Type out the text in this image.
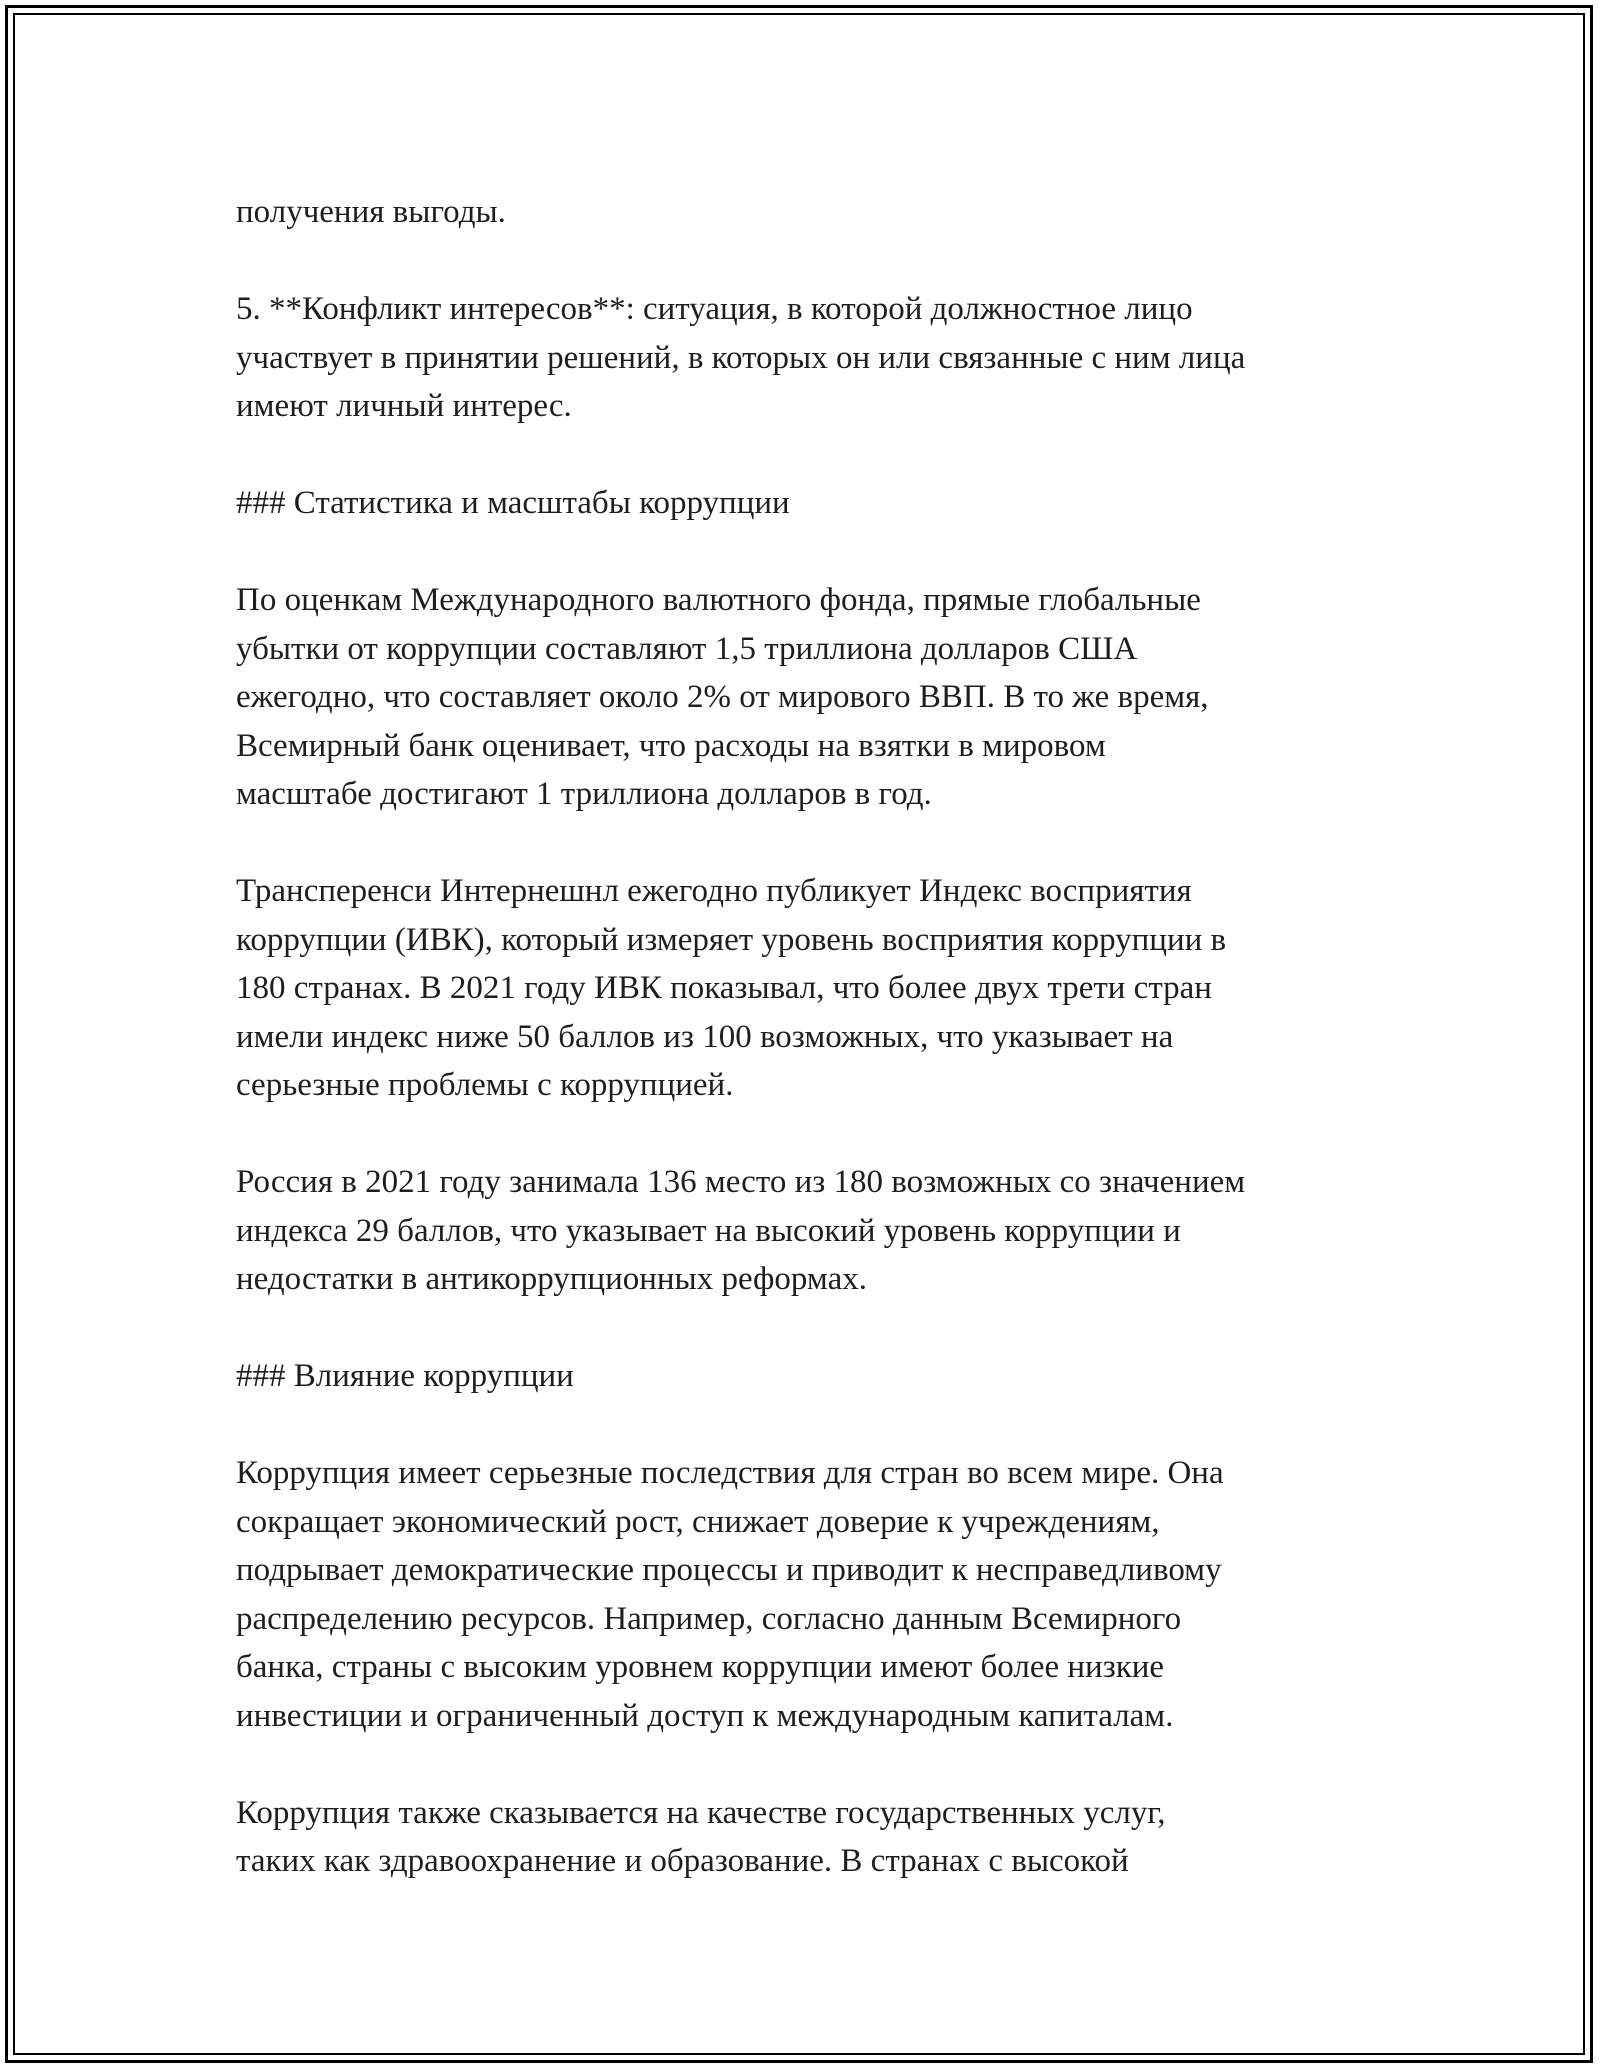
получения выгоды.
5. **Конфликт интересов**: ситуация, в которой должностное лицо
участвует в принятии решений, в которых он или связанные с ним лица
имеют личный интерес.
### Статистика и масштабы коррупции
По оценкам Международного валютного фонда, прямые глобальные
убытки от коррупции составляют 1,5 триллиона долларов США
ежегодно, что составляет около 2% от мирового ВВП. В то же время,
Всемирный банк оценивает, что расходы на взятки в мировом
масштабе достигают 1 триллиона долларов в год.
Трансперенси Интернешнл ежегодно публикует Индекс восприятия
коррупции (ИВК), который измеряет уровень восприятия коррупции в
180 странах. В 2021 году ИВК показывал, что более двух трети стран
имели индекс ниже 50 баллов из 100 возможных, что указывает на
серьезные проблемы с коррупцией.
Россия в 2021 году занимала 136 место из 180 возможных со значением
индекса 29 баллов, что указывает на высокий уровень коррупции и
недостатки в антикоррупционных реформах.
### Влияние коррупции
Коррупция имеет серьезные последствия для стран во всем мире. Она
сокращает экономический рост, снижает доверие к учреждениям,
подрывает демократические процессы и приводит к несправедливому
распределению ресурсов. Например, согласно данным Всемирного
банка, страны с высоким уровнем коррупции имеют более низкие
инвестиции и ограниченный доступ к международным капиталам.
Коррупция также сказывается на качестве государственных услуг,
таких как здравоохранение и образование. В странах с высокой
